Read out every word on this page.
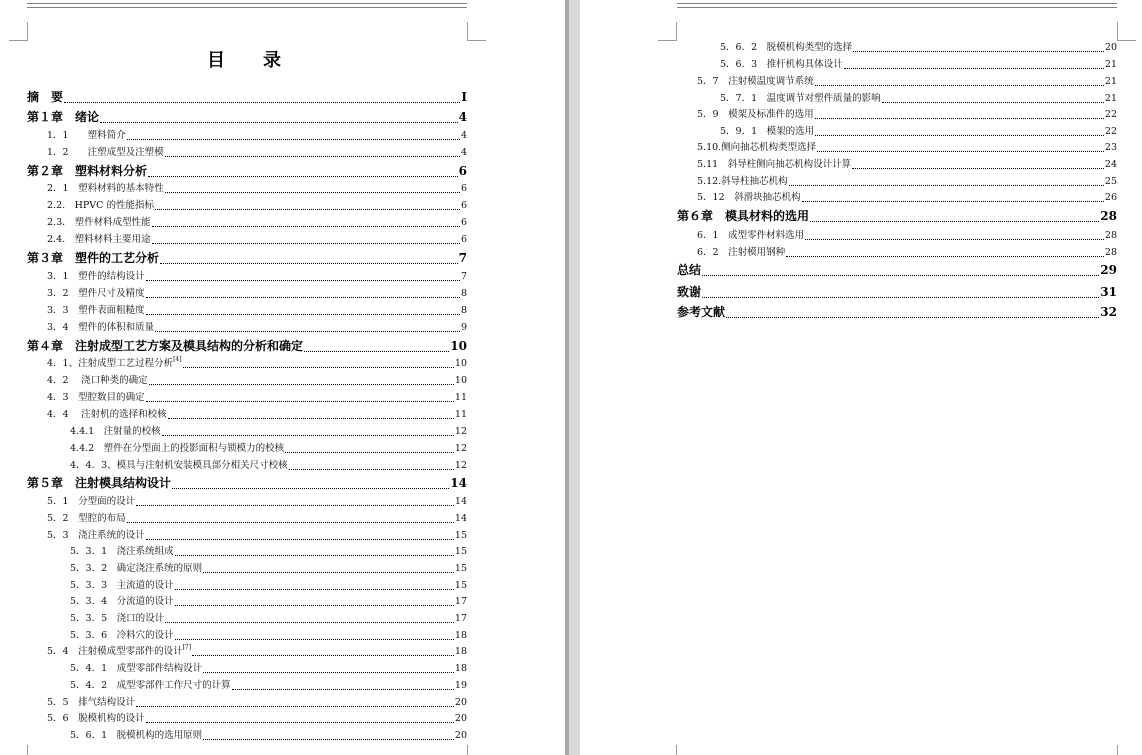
目 录
摘　要	I
第１章　绪论	4
1．1　　塑料简介	4
1．2　　注塑成型及注塑模	4
第２章　塑料材料分析	6
2．1　塑料材料的基本特性	6
2.2.　HPVC 的性能指标	6
2.3.　塑件材料成型性能	6
2.4.　塑料材料主要用途	6
第３章　塑件的工艺分析	7
3．1　塑件的结构设计	7
3．2　塑件尺寸及精度	8
3．3　塑件表面粗糙度	8
3．4　塑件的体积和质量	9
第４章　注射成型工艺方案及模具结构的分析和确定	10
4．1、注射成型工艺过程分析[4]	10
4．2　 浇口种类的确定	10
4．3　型腔数目的确定	11
4．4　 注射机的选择和校核	11
4.4.1　注射量的校核	12
4.4.2　塑件在分型面上的投影面积与锁模力的校核	12
4．4．3、模具与注射机安装模具部分相关尺寸校核	12
第５章　注射模具结构设计	14
5．1　分型面的设计	14
5．2　型腔的布局	14
5．3　浇注系统的设计	15
5．3．1　浇注系统组成	15
5．3．2　确定浇注系统的原则	15
5．3．3　主流道的设计	15
5．3．4　分流道的设计	17
5．3．5　浇口的设计	17
5．3．6　冷料穴的设计	18
5．4　注射模成型零部件的设计[7]	18
5．4．1　成型零部件结构设计	18
5．4．2　成型零部件工作尺寸的计算	19
5．5　排气结构设计	20
5．6　脱模机构的设计	20
5．6．1　脱模机构的选用原则	20
5．6．2　脱模机构类型的选择	20
5．6．3　推杆机构具体设计	21
5．7　注射模温度调节系统	21
5．7．1　温度调节对塑件质量的影响	21
5．9　模架及标准件的选用	22
5．9．1　模架的选用	22
5.10.侧向抽芯机构类型选择	23
5.11　斜导柱侧向抽芯机构设计计算	24
5.12.斜导柱抽芯机构	25
5．12　斜滑块抽芯机构	26
第６章　模具材料的选用	28
6．1　成型零件材料选用	28
6．2　注射模用钢种	28
总结	29
致谢	31
参考文献	32
